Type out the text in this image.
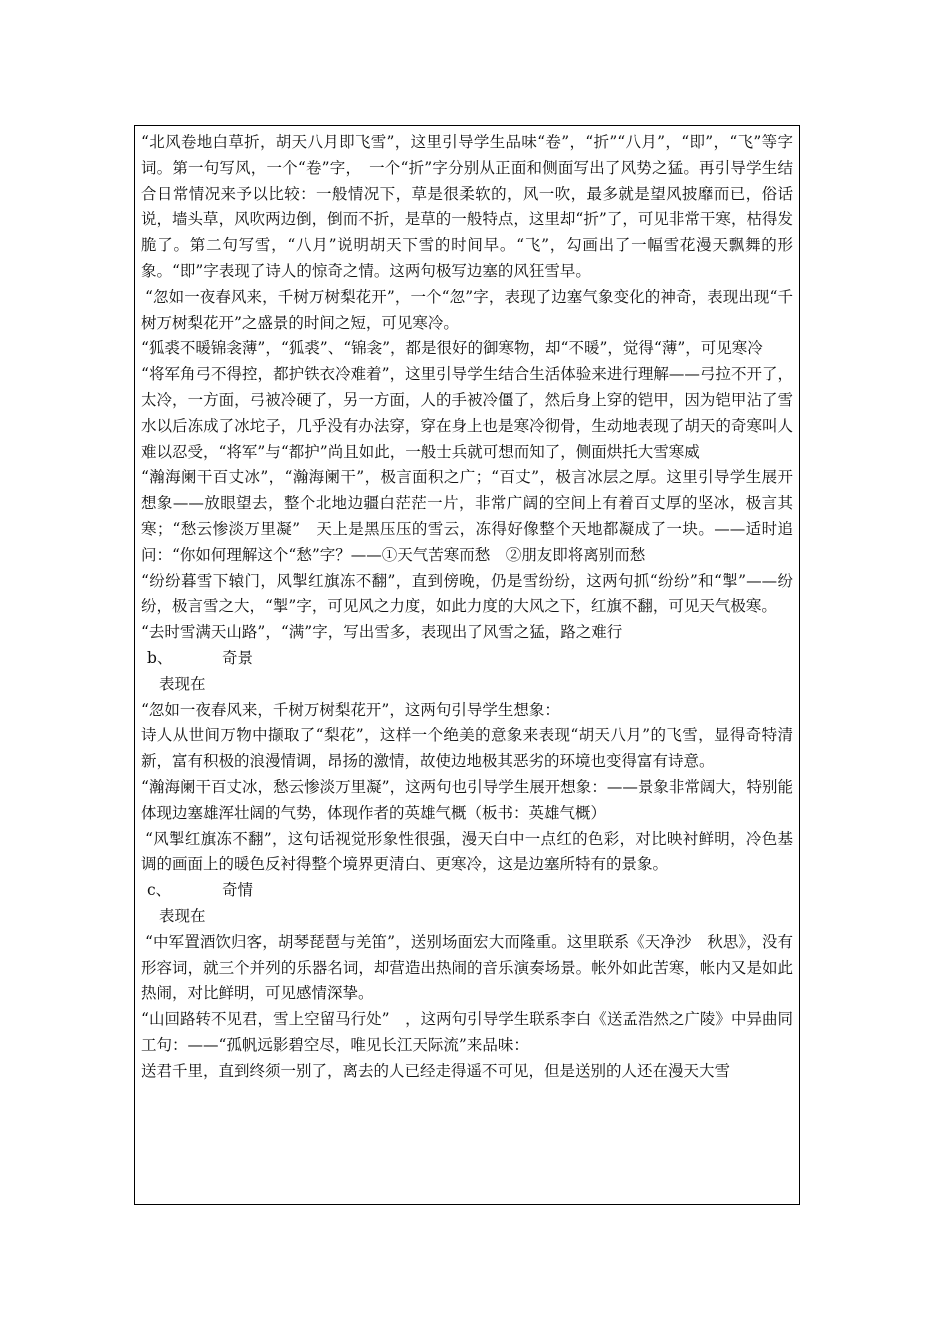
“北风卷地白草折，胡天八月即飞雪”，这里引导学生品味“卷”，“折”“八月”，“即”，“飞”等字词。第一句写风，一个“卷”字，　一个“折”字分别从正面和侧面写出了风势之猛。再引导学生结合日常情况来予以比较：一般情况下，草是很柔软的，风一吹，最多就是望风披靡而已，俗话说，墙头草，风吹两边倒，倒而不折，是草的一般特点，这里却“折”了，可见非常干寒，枯得发脆了。第二句写雪，“八月”说明胡天下雪的时间早。“飞”，勾画出了一幅雪花漫天飘舞的形象。“即”字表现了诗人的惊奇之情。这两句极写边塞的风狂雪早。

“忽如一夜春风来，千树万树梨花开”，一个“忽”字，表现了边塞气象变化的神奇，表现出现“千树万树梨花开”之盛景的时间之短，可见寒冷。

“狐裘不暖锦衾薄”，“狐裘”、“锦衾”，都是很好的御寒物，却“不暖”，觉得“薄”，可见寒冷

“将军角弓不得控，都护铁衣冷难着”，这里引导学生结合生活体验来进行理解——弓拉不开了，太冷，一方面，弓被冷硬了，另一方面，人的手被冷僵了，然后身上穿的铠甲，因为铠甲沾了雪水以后冻成了冰坨子，几乎没有办法穿，穿在身上也是寒冷彻骨，生动地表现了胡天的奇寒叫人难以忍受，“将军”与“都护”尚且如此，一般士兵就可想而知了，侧面烘托大雪寒威

“瀚海阑干百丈冰”，“瀚海阑干”，极言面积之广；“百丈”，极言冰层之厚。这里引导学生展开想象——放眼望去，整个北地边疆白茫茫一片，非常广阔的空间上有着百丈厚的坚冰，极言其寒；“愁云惨淡万里凝”　天上是黑压压的雪云，冻得好像整个天地都凝成了一块。——适时追问：“你如何理解这个“愁”字？——①天气苦寒而愁　②朋友即将离别而愁

“纷纷暮雪下辕门，风掣红旗冻不翻”，直到傍晚，仍是雪纷纷，这两句抓“纷纷”和“掣”——纷纷，极言雪之大，“掣”字，可见风之力度，如此力度的大风之下，红旗不翻，可见天气极寒。

“去时雪满天山路”，“满”字，写出雪多，表现出了风雪之猛，路之难行

b、	奇景

表现在

“忽如一夜春风来，千树万树梨花开”，这两句引导学生想象：

诗人从世间万物中撷取了“梨花”，这样一个绝美的意象来表现“胡天八月”的飞雪，显得奇特清新，富有积极的浪漫情调，昂扬的激情，故使边地极其恶劣的环境也变得富有诗意。

“瀚海阑干百丈冰，愁云惨淡万里凝”，这两句也引导学生展开想象：——景象非常阔大，特别能体现边塞雄浑壮阔的气势，体现作者的英雄气概（板书：英雄气概）

“风掣红旗冻不翻”，这句话视觉形象性很强，漫天白中一点红的色彩，对比映衬鲜明，冷色基调的画面上的暖色反衬得整个境界更清白、更寒冷，这是边塞所特有的景象。

c、	奇情

表现在

“中军置酒饮归客，胡琴琵琶与羌笛”，送别场面宏大而隆重。这里联系《天净沙　秋思》，没有形容词，就三个并列的乐器名词，却营造出热闹的音乐演奏场景。帐外如此苦寒，帐内又是如此热闹，对比鲜明，可见感情深挚。

“山回路转不见君，雪上空留马行处”　，这两句引导学生联系李白《送孟浩然之广陵》中异曲同工句：——“孤帆远影碧空尽，唯见长江天际流”来品味：

送君千里，直到终须一别了，离去的人已经走得遥不可见，但是送别的人还在漫天大雪
